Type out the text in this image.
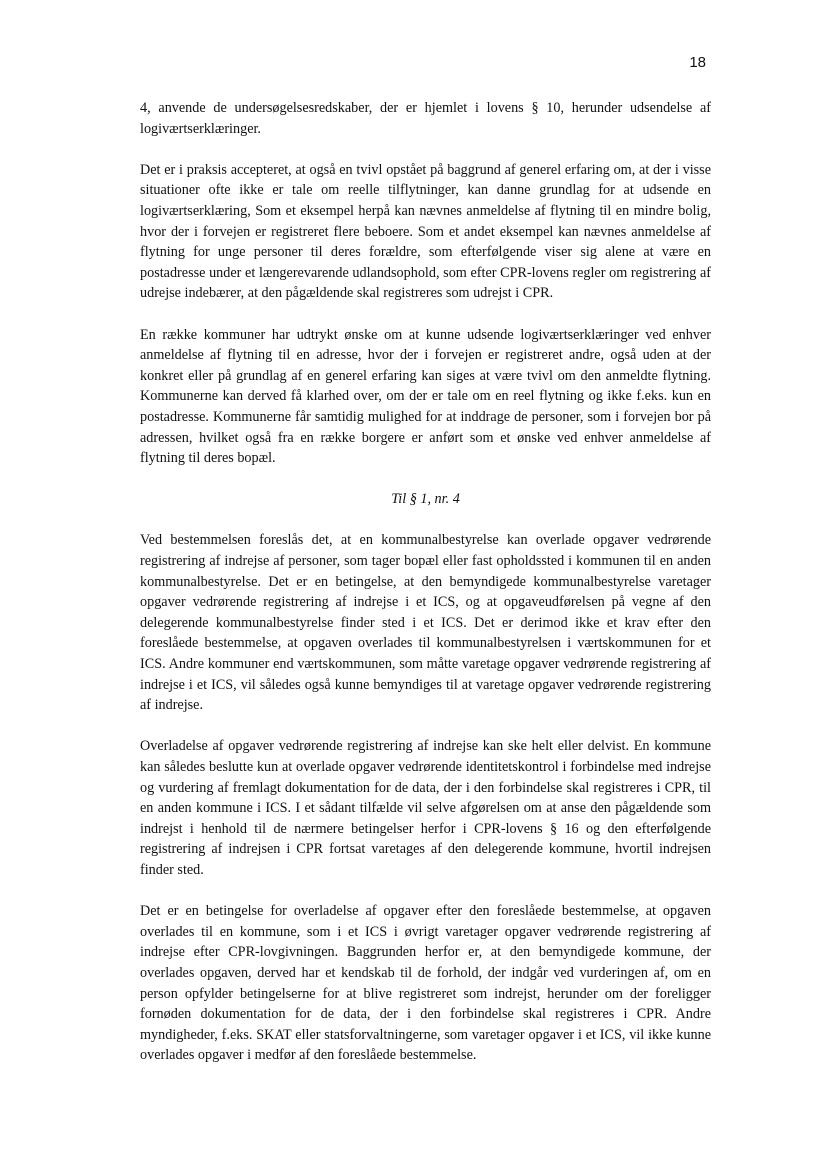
18

4, anvende de undersøgelsesredskaber, der er hjemlet i lovens § 10, herunder udsendelse af logiværtserklæringer.

Det er i praksis accepteret, at også en tvivl opstået på baggrund af generel erfaring om, at der i visse situationer ofte ikke er tale om reelle tilflytninger, kan danne grundlag for at udsende en logiværtserklæring, Som et eksempel herpå kan nævnes anmeldelse af flytning til en mindre bolig, hvor der i forvejen er registreret flere beboere. Som et andet eksempel kan nævnes anmeldelse af flytning for unge personer til deres forældre, som efterfølgende viser sig alene at være en postadresse under et længerevarende udlandsophold, som efter CPR-lovens regler om registrering af udrejse indebærer, at den pågældende skal registreres som udrejst i CPR.

En række kommuner har udtrykt ønske om at kunne udsende logiværtserklæringer ved enhver anmeldelse af flytning til en adresse, hvor der i forvejen er registreret andre, også uden at der konkret eller på grundlag af en generel erfaring kan siges at være tvivl om den anmeldte flytning. Kommunerne kan derved få klarhed over, om der er tale om en reel flytning og ikke f.eks. kun en postadresse. Kommunerne får samtidig mulighed for at inddrage de personer, som i forvejen bor på adressen, hvilket også fra en række borgere er anført som et ønske ved enhver anmeldelse af flytning til deres bopæl.

Til § 1, nr. 4

Ved bestemmelsen foreslås det, at en kommunalbestyrelse kan overlade opgaver vedrørende registrering af indrejse af personer, som tager bopæl eller fast opholdssted i kommunen til en anden kommunalbestyrelse. Det er en betingelse, at den bemyndigede kommunalbestyrelse varetager opgaver vedrørende registrering af indrejse i et ICS, og at opgaveudførelsen på vegne af den delegerende kommunalbestyrelse finder sted i et ICS. Det er derimod ikke et krav efter den foreslåede bestemmelse, at opgaven overlades til kommunalbestyrelsen i værtskommunen for et ICS. Andre kommuner end værtskommunen, som måtte varetage opgaver vedrørende registrering af indrejse i et ICS, vil således også kunne bemyndiges til at varetage opgaver vedrørende registrering af indrejse.

Overladelse af opgaver vedrørende registrering af indrejse kan ske helt eller delvist. En kommune kan således beslutte kun at overlade opgaver vedrørende identitetskontrol i forbindelse med indrejse og vurdering af fremlagt dokumentation for de data, der i den forbindelse skal registreres i CPR, til en anden kommune i ICS. I et sådant tilfælde vil selve afgørelsen om at anse den pågældende som indrejst i henhold til de nærmere betingelser herfor i CPR-lovens § 16 og den efterfølgende registrering af indrejsen i CPR fortsat varetages af den delegerende kommune, hvortil indrejsen finder sted.

Det er en betingelse for overladelse af opgaver efter den foreslåede bestemmelse, at opgaven overlades til en kommune, som i et ICS i øvrigt varetager opgaver vedrørende registrering af indrejse efter CPR-lovgivningen. Baggrunden herfor er, at den bemyndigede kommune, der overlades opgaven, derved har et kendskab til de forhold, der indgår ved vurderingen af, om en person opfylder betingelserne for at blive registreret som indrejst, herunder om der foreligger fornøden dokumentation for de data, der i den forbindelse skal registreres i CPR. Andre myndigheder, f.eks. SKAT eller statsforvaltningerne, som varetager opgaver i et ICS, vil ikke kunne overlades opgaver i medfør af den foreslåede bestemmelse.
